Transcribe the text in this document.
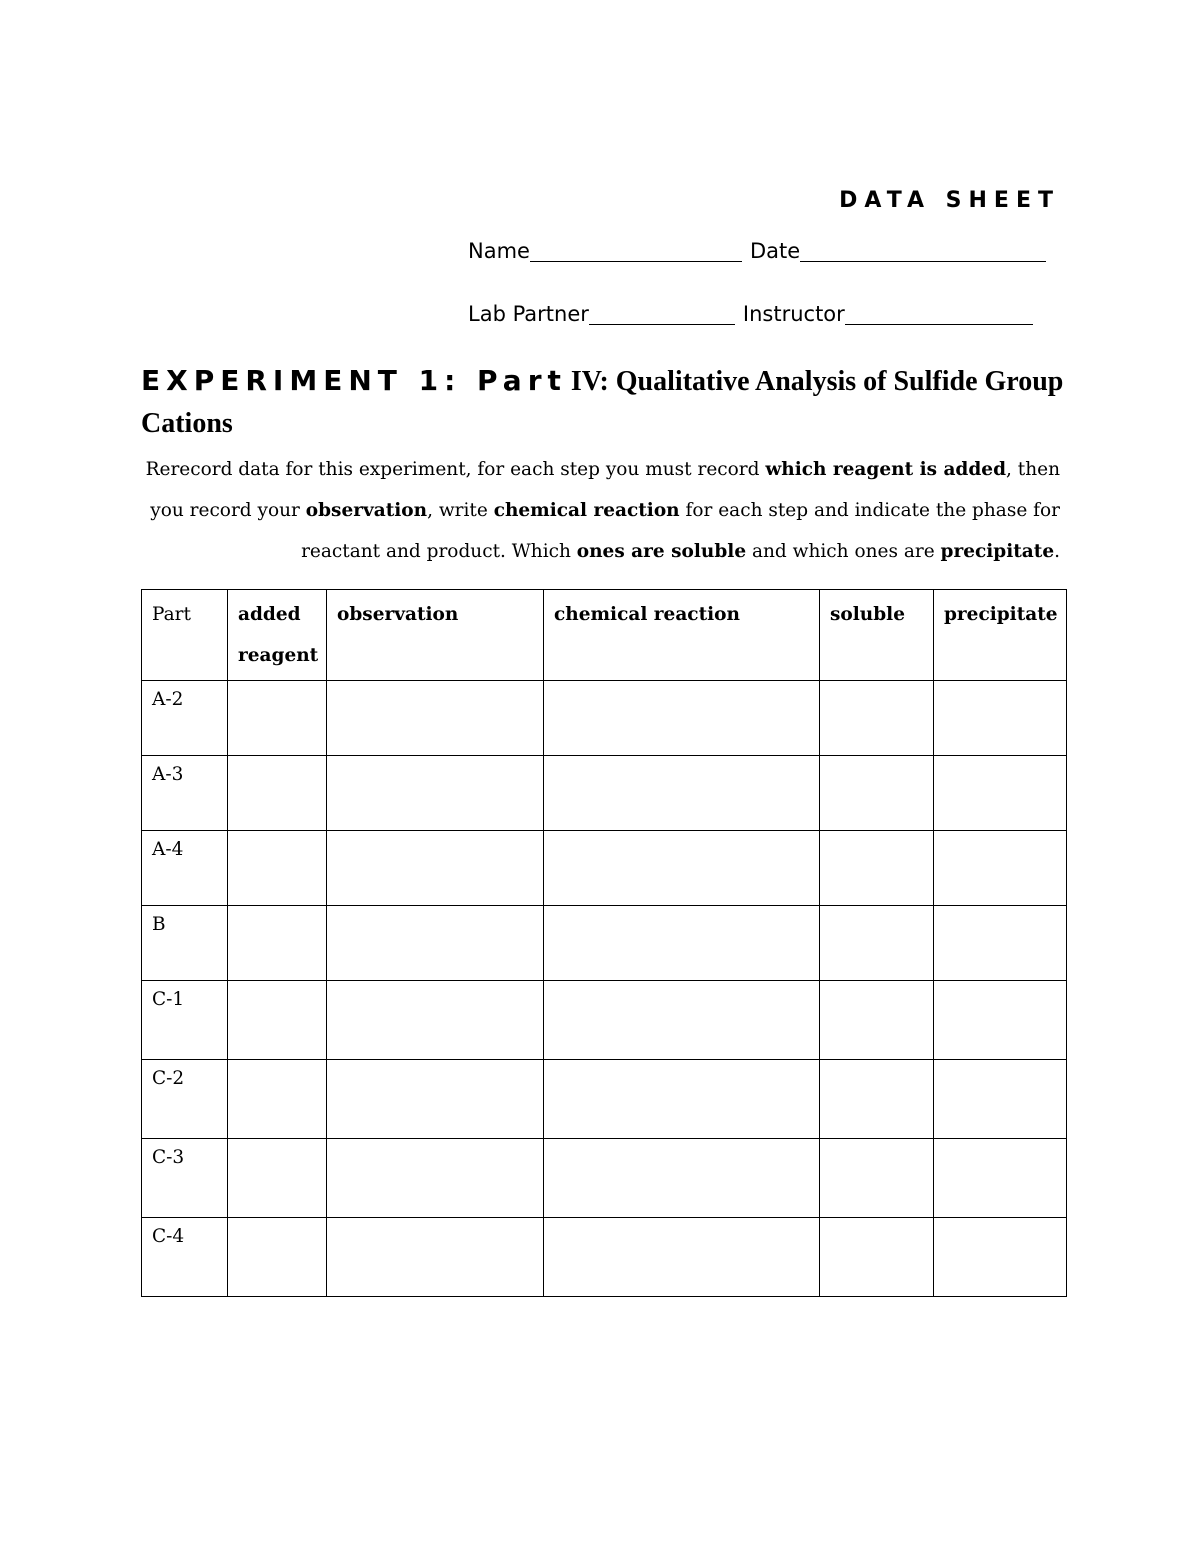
DATA SHEET
Name	Date
Lab Partner	Instructor
EXPERIMENT 1: Part IV: Qualitative Analysis of Sulfide Group Cations
Rerecord data for this experiment, for each step you must record which reagent is added, then you record your observation, write chemical reaction for each step and indicate the phase for reactant and product. Which ones are soluble and which ones are precipitate.
Part	added reagent	observation	chemical reaction	soluble	precipitate
A-2					
A-3					
A-4					
B					
C-1					
C-2					
C-3					
C-4					
